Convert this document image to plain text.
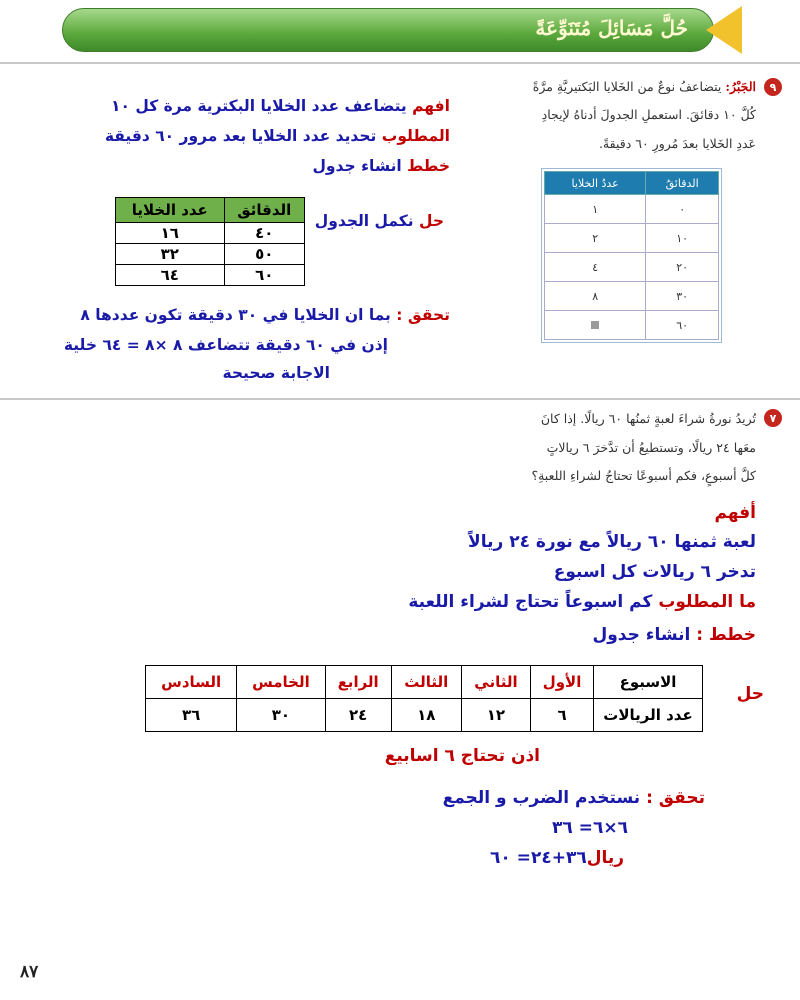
حُلَّ مَسَائِلَ مُتَنَوِّعَةً
٩
الجَبْرُ: يتضاعفُ نوعٌ من الخَلايا البَكتيريَّةِ مرَّةً
كُلَّ ١٠ دقائقَ. استعملِ الجدولَ أدناهُ لإيجادِ
عَددِ الخَلايا بعدَ مُرورِ ٦٠ دقيقةً.
عددُ الخلايا	الدقائقُ
١	٠
٢	١٠
٤	٢٠
٨	٣٠
	٦٠
افهم يتضاعف عدد الخلايا البكترية مرة كل ١٠
المطلوب تحديد عدد الخلايا بعد مرور ٦٠ دقيقة
خطط انشاء جدول
حل نكمل الجدول
عدد الخلايا	الدقائق
١٦	٤٠
٣٢	٥٠
٦٤	٦٠
تحقق : بما ان الخلايا في ٣٠ دقيقة تكون عددها ٨
إذن في ٦٠ دقيقة تتضاعف ٨ ×٨ = ٦٤ خلية
الاجابة صحيحة
٧
تُريدُ نورةُ شراءَ لعبةٍ ثمنُها ٦٠ ريالًا. إذا كانَ
معَها ٢٤ ريالًا، وتستطيعُ أن تدَّخرَ ٦ ريالاتٍ
كلَّ أسبوعٍ، فكم أسبوعًا تحتاجُ لشراءِ اللعبةِ؟
أفهم
لعبة ثمنها ٦٠ ريالاً مع نورة ٢٤ ريالاً
تدخر ٦ ريالات كل اسبوع
ما المطلوب كم اسبوعاً تحتاج لشراء اللعبة
خطط : انشاء جدول
حل
الاسبوع	الأول	الثاني	الثالث	الرابع	الخامس	السادس
عدد الريالات	٦	١٢	١٨	٢٤	٣٠	٣٦
اذن تحتاج ٦ اسابيع
تحقق : نستخدم الضرب و الجمع
٦×٦= ٣٦
ريال٣٦+٢٤= ٦٠
٨٧
